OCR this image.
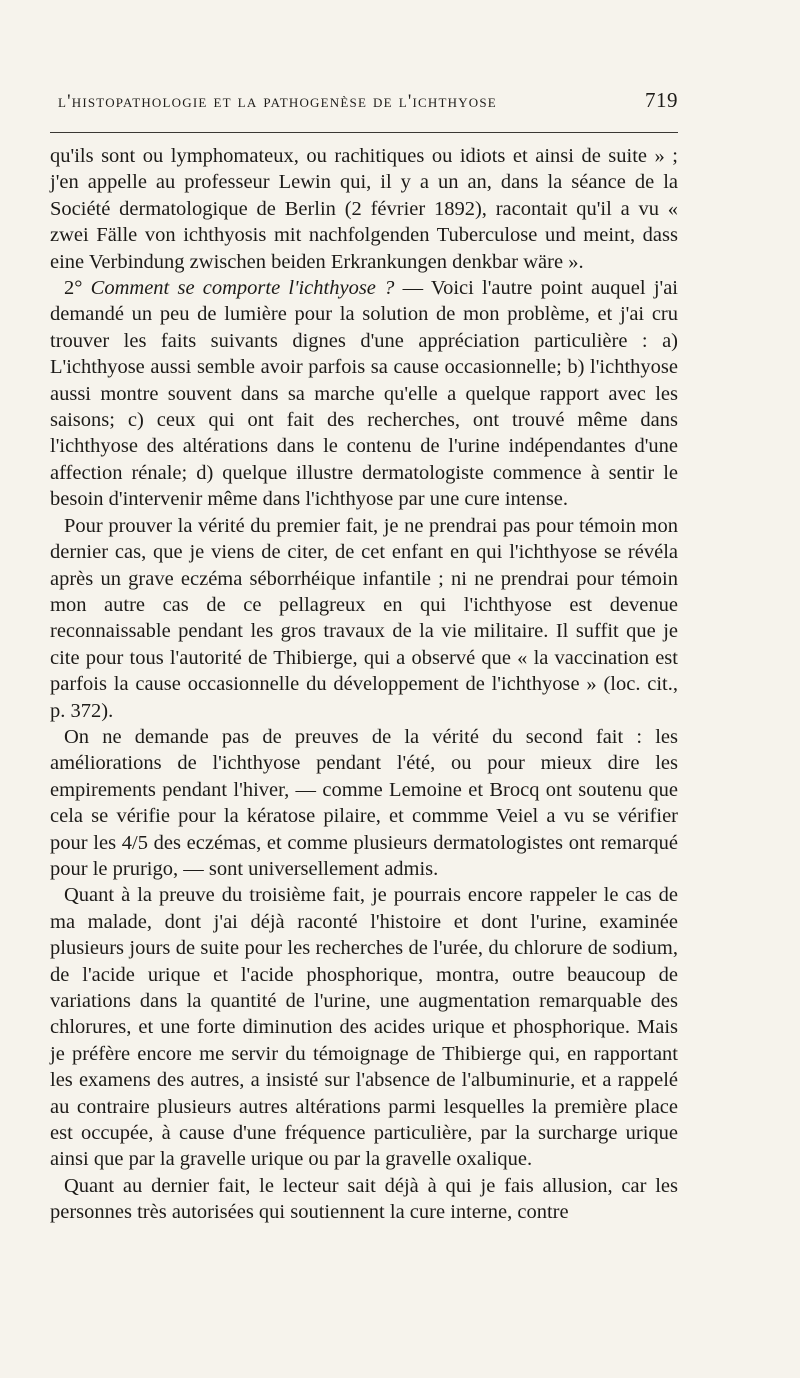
l'histopathologie et la pathogenèse de l'ichthyose	719

qu'ils sont ou lymphomateux, ou rachitiques ou idiots et ainsi de suite » ; j'en appelle au professeur Lewin qui, il y a un an, dans la séance de la Société dermatologique de Berlin (2 février 1892), racontait qu'il a vu « zwei Fälle von ichthyosis mit nachfolgenden Tuberculose und meint, dass eine Verbindung zwischen beiden Erkrankungen denkbar wäre ».

2° Comment se comporte l'ichthyose ? — Voici l'autre point auquel j'ai demandé un peu de lumière pour la solution de mon problème, et j'ai cru trouver les faits suivants dignes d'une appréciation particulière : a) L'ichthyose aussi semble avoir parfois sa cause occasionnelle; b) l'ichthyose aussi montre souvent dans sa marche qu'elle a quelque rapport avec les saisons; c) ceux qui ont fait des recherches, ont trouvé même dans l'ichthyose des altérations dans le contenu de l'urine indépendantes d'une affection rénale; d) quelque illustre dermatologiste commence à sentir le besoin d'intervenir même dans l'ichthyose par une cure intense.

Pour prouver la vérité du premier fait, je ne prendrai pas pour témoin mon dernier cas, que je viens de citer, de cet enfant en qui l'ichthyose se révéla après un grave eczéma séborrhéique infantile ; ni ne prendrai pour témoin mon autre cas de ce pellagreux en qui l'ichthyose est devenue reconnaissable pendant les gros travaux de la vie militaire. Il suffit que je cite pour tous l'autorité de Thibierge, qui a observé que « la vaccination est parfois la cause occasionnelle du développement de l'ichthyose » (loc. cit., p. 372).

On ne demande pas de preuves de la vérité du second fait : les améliorations de l'ichthyose pendant l'été, ou pour mieux dire les empirements pendant l'hiver, — comme Lemoine et Brocq ont soutenu que cela se vérifie pour la kératose pilaire, et commme Veiel a vu se vérifier pour les 4/5 des eczémas, et comme plusieurs dermatologistes ont remarqué pour le prurigo, — sont universellement admis.

Quant à la preuve du troisième fait, je pourrais encore rappeler le cas de ma malade, dont j'ai déjà raconté l'histoire et dont l'urine, examinée plusieurs jours de suite pour les recherches de l'urée, du chlorure de sodium, de l'acide urique et l'acide phosphorique, montra, outre beaucoup de variations dans la quantité de l'urine, une augmentation remarquable des chlorures, et une forte diminution des acides urique et phosphorique. Mais je préfère encore me servir du témoignage de Thibierge qui, en rapportant les examens des autres, a insisté sur l'absence de l'albuminurie, et a rappelé au contraire plusieurs autres altérations parmi lesquelles la première place est occupée, à cause d'une fréquence particulière, par la surcharge urique ainsi que par la gravelle urique ou par la gravelle oxalique.

Quant au dernier fait, le lecteur sait déjà à qui je fais allusion, car les personnes très autorisées qui soutiennent la cure interne, contre
